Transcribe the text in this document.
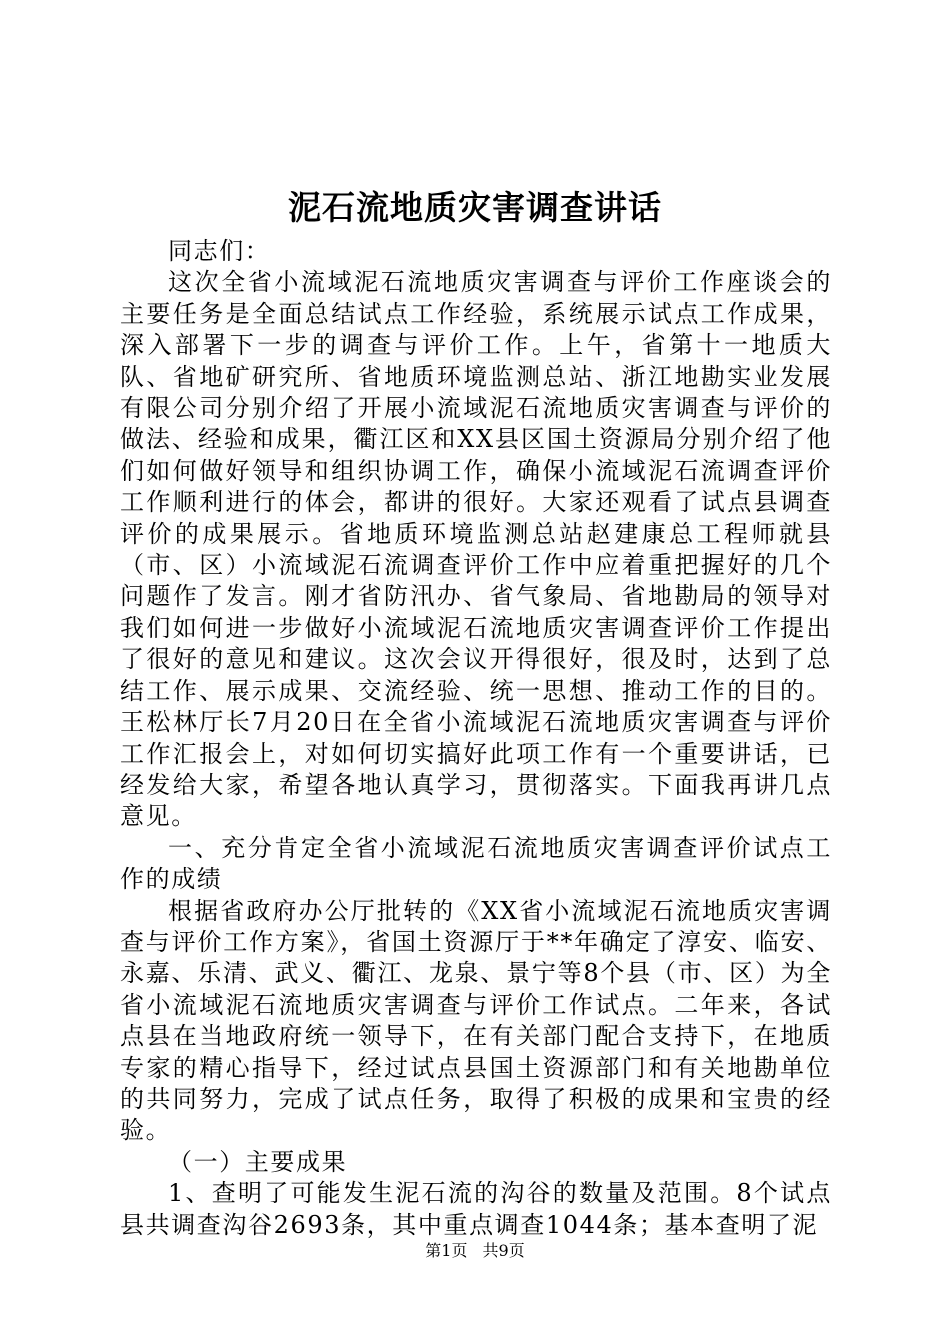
泥石流地质灾害调查讲话

同志们：

这次全省小流域泥石流地质灾害调查与评价工作座谈会的主要任务是全面总结试点工作经验，系统展示试点工作成果，深入部署下一步的调查与评价工作。上午，省第十一地质大队、省地矿研究所、省地质环境监测总站、浙江地勘实业发展有限公司分别介绍了开展小流域泥石流地质灾害调查与评价的做法、经验和成果，衢江区和XX县区国土资源局分别介绍了他们如何做好领导和组织协调工作，确保小流域泥石流调查评价工作顺利进行的体会，都讲的很好。大家还观看了试点县调查评价的成果展示。省地质环境监测总站赵建康总工程师就县（市、区）小流域泥石流调查评价工作中应着重把握好的几个问题作了发言。刚才省防汛办、省气象局、省地勘局的领导对我们如何进一步做好小流域泥石流地质灾害调查评价工作提出了很好的意见和建议。这次会议开得很好，很及时，达到了总结工作、展示成果、交流经验、统一思想、推动工作的目的。王松林厅长7月20日在全省小流域泥石流地质灾害调查与评价工作汇报会上，对如何切实搞好此项工作有一个重要讲话，已经发给大家，希望各地认真学习，贯彻落实。下面我再讲几点意见。

一、充分肯定全省小流域泥石流地质灾害调查评价试点工作的成绩

根据省政府办公厅批转的《XX省小流域泥石流地质灾害调查与评价工作方案》，省国土资源厅于**年确定了淳安、临安、永嘉、乐清、武义、衢江、龙泉、景宁等8个县（市、区）为全省小流域泥石流地质灾害调查与评价工作试点。二年来，各试点县在当地政府统一领导下，在有关部门配合支持下，在地质专家的精心指导下，经过试点县国土资源部门和有关地勘单位的共同努力，完成了试点任务，取得了积极的成果和宝贵的经验。

（一）主要成果

1、查明了可能发生泥石流的沟谷的数量及范围。8个试点县共调查沟谷2693条，其中重点调查1044条；基本查明了泥

第1页 共9页
